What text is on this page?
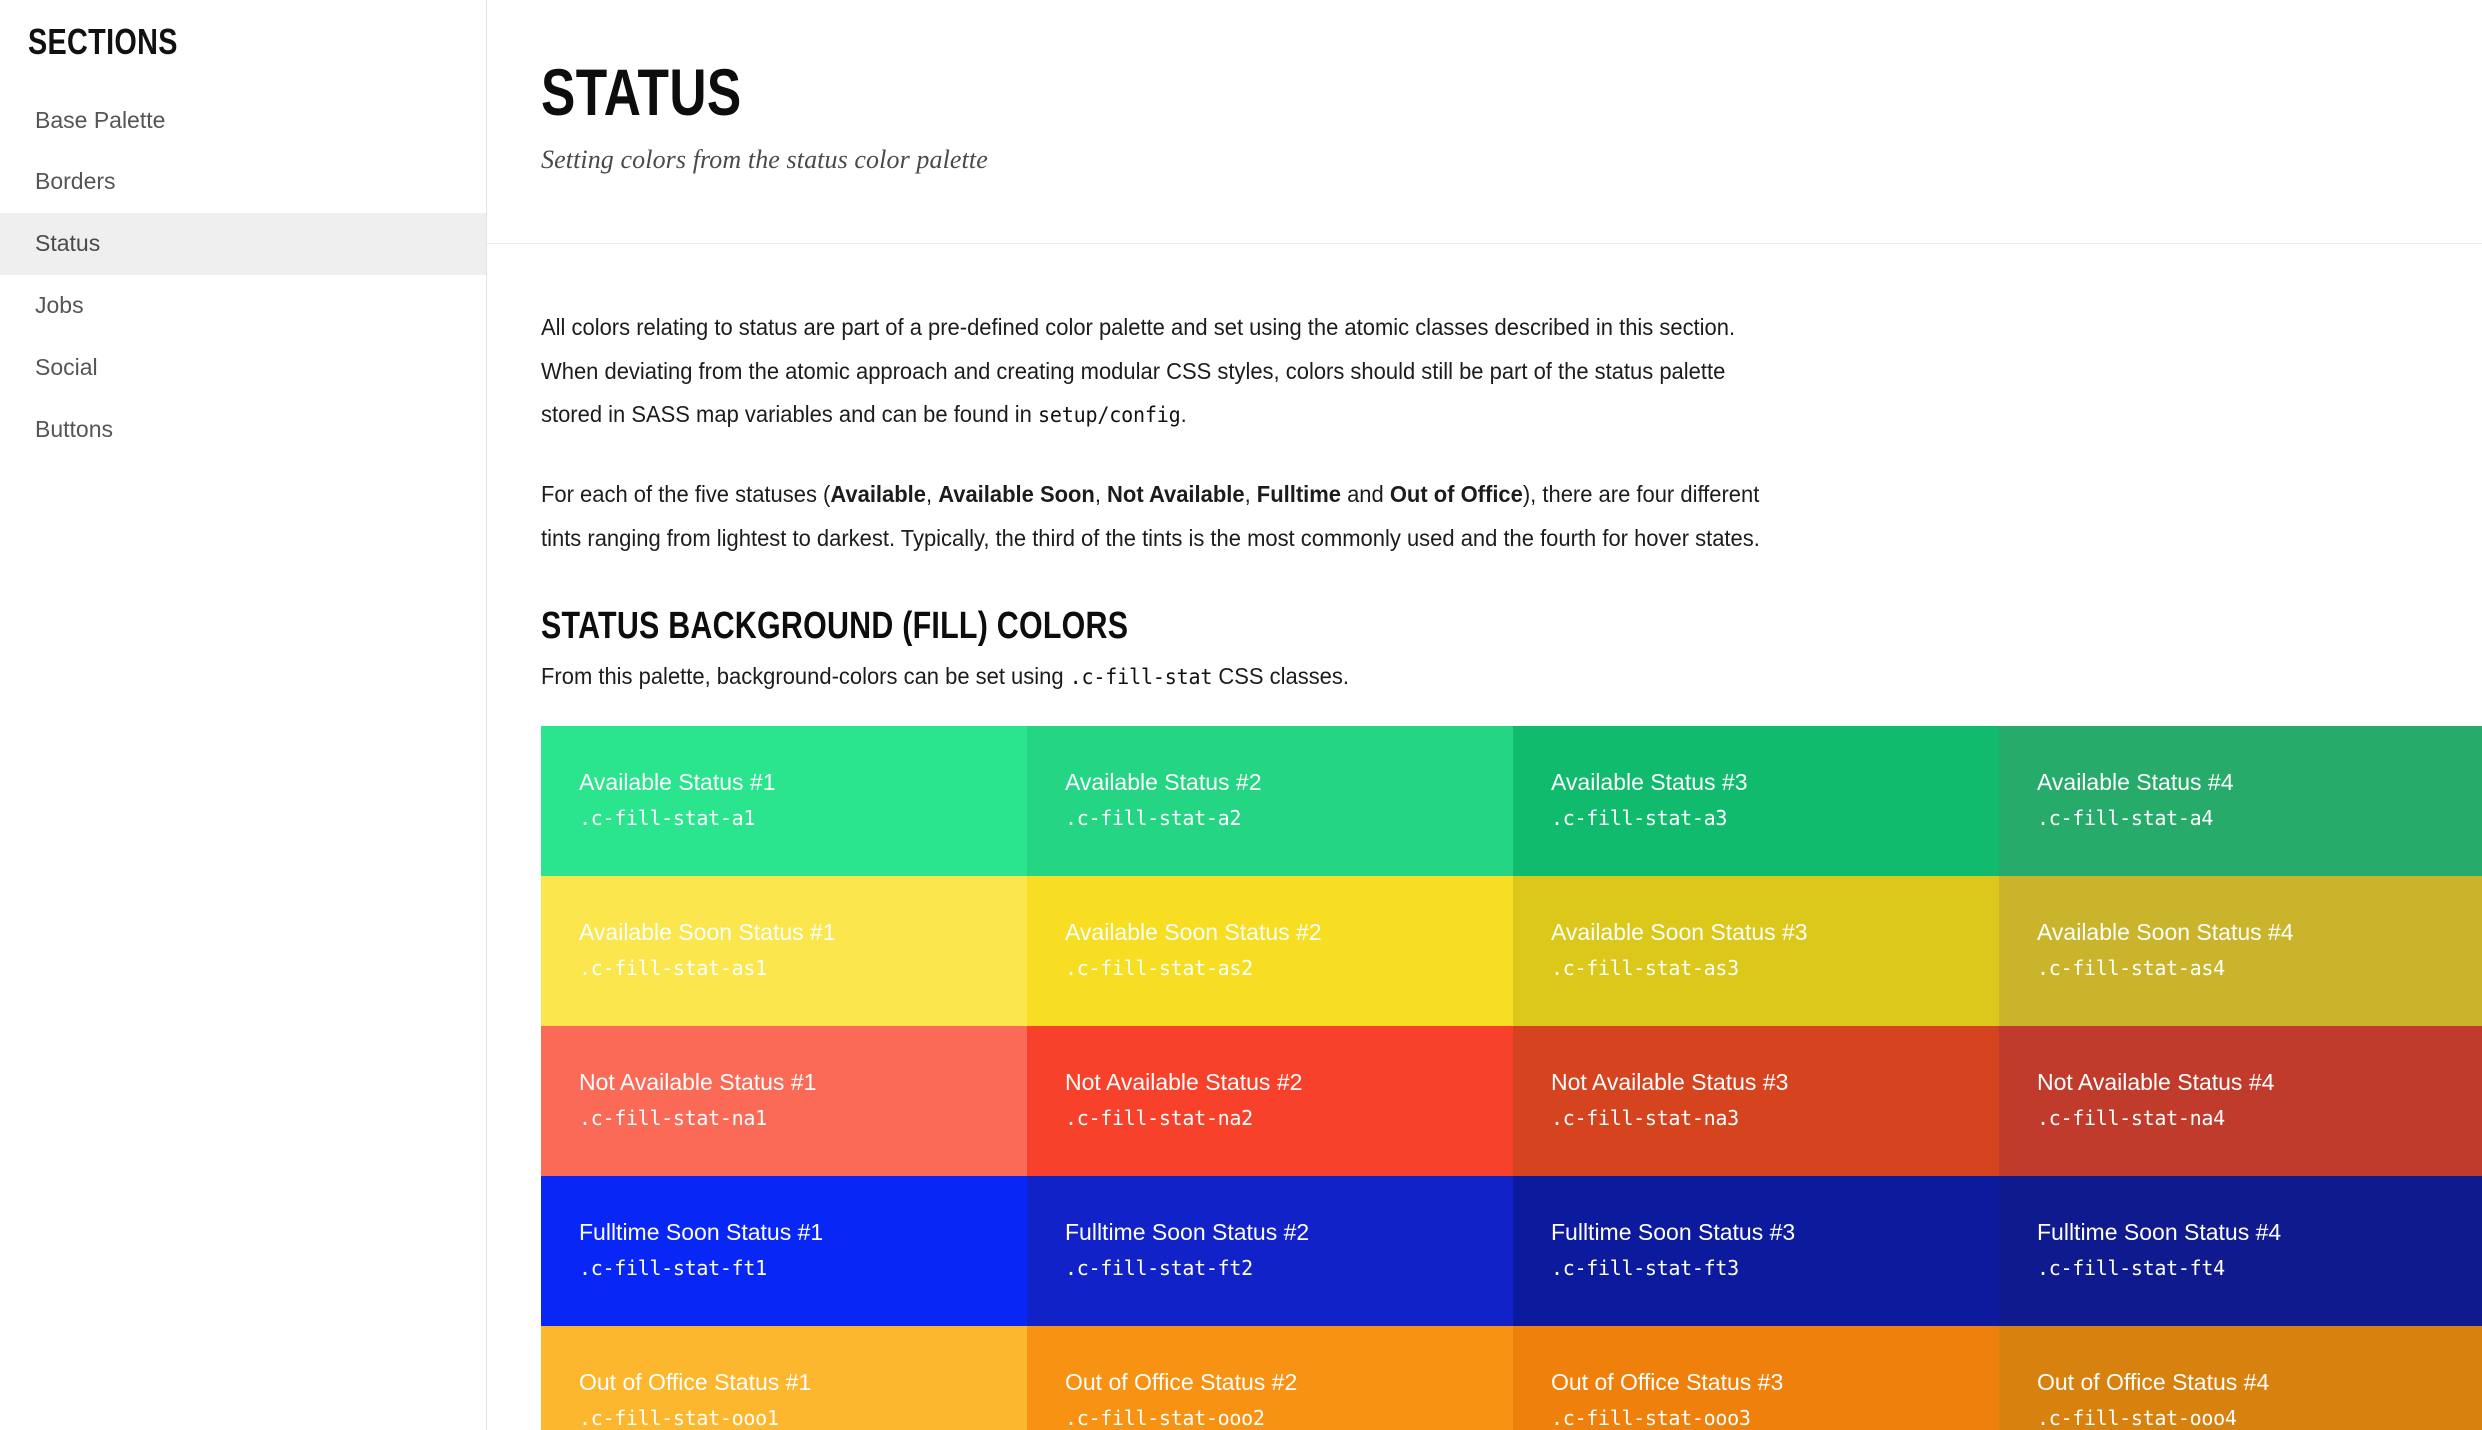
SECTIONS
Base Palette
Borders
Status
Jobs
Social
Buttons
STATUS
Setting colors from the status color palette

All colors relating to status are part of a pre-defined color palette and set using the atomic classes described in this section. When deviating from the atomic approach and creating modular CSS styles, colors should still be part of the status palette stored in SASS map variables and can be found in setup/config.

For each of the five statuses (Available, Available Soon, Not Available, Fulltime and Out of Office), there are four different tints ranging from lightest to darkest. Typically, the third of the tints is the most commonly used and the fourth for hover states.

STATUS BACKGROUND (FILL) COLORS

From this palette, background-colors can be set using .c-fill-stat CSS classes.

Available Status #1
.c-fill-stat-a1
Available Status #2
.c-fill-stat-a2
Available Status #3
.c-fill-stat-a3
Available Status #4
.c-fill-stat-a4
Available Soon Status #1
.c-fill-stat-as1
Available Soon Status #2
.c-fill-stat-as2
Available Soon Status #3
.c-fill-stat-as3
Available Soon Status #4
.c-fill-stat-as4
Not Available Status #1
.c-fill-stat-na1
Not Available Status #2
.c-fill-stat-na2
Not Available Status #3
.c-fill-stat-na3
Not Available Status #4
.c-fill-stat-na4
Fulltime Soon Status #1
.c-fill-stat-ft1
Fulltime Soon Status #2
.c-fill-stat-ft2
Fulltime Soon Status #3
.c-fill-stat-ft3
Fulltime Soon Status #4
.c-fill-stat-ft4
Out of Office Status #1
.c-fill-stat-ooo1
Out of Office Status #2
.c-fill-stat-ooo2
Out of Office Status #3
.c-fill-stat-ooo3
Out of Office Status #4
.c-fill-stat-ooo4
